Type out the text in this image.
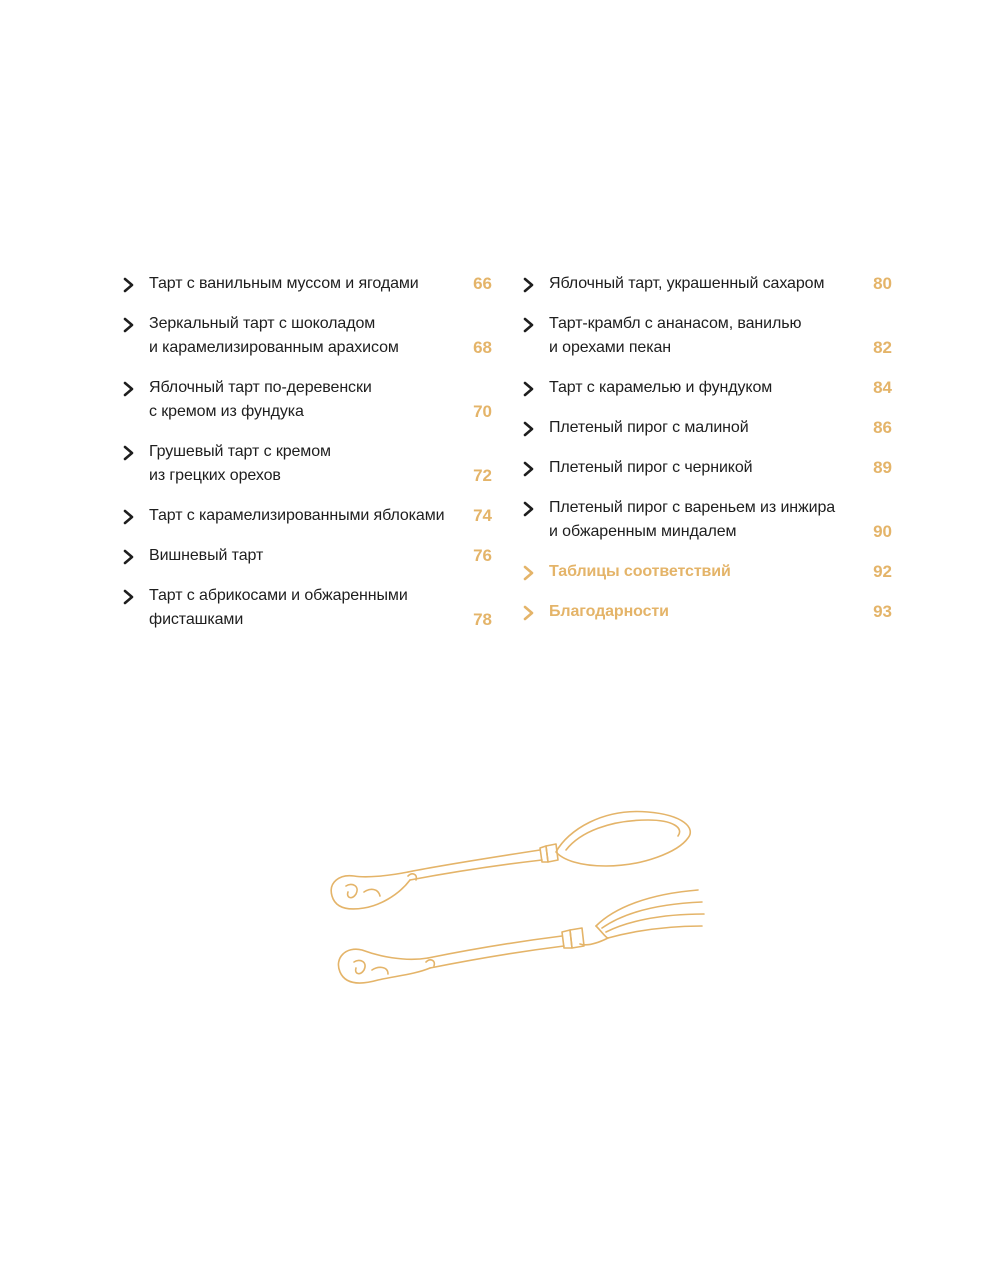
Тарт с ванильным муссом и ягодами	66
Зеркальный тарт с шоколадом
и карамелизированным арахисом	68
Яблочный тарт по-деревенски
с кремом из фундука	70
Грушевый тарт с кремом
из грецких орехов	72
Тарт с карамелизированными яблоками	74
Вишневый тарт	76
Тарт с абрикосами и обжаренными
фисташками	78
Яблочный тарт, украшенный сахаром	80
Тарт-крамбл с ананасом, ванилью
и орехами пекан	82
Тарт с карамелью и фундуком	84
Плетеный пирог с малиной	86
Плетеный пирог с черникой	89
Плетеный пирог с вареньем из инжира
и обжаренным миндалем	90
Таблицы соответствий	92
Благодарности	93
